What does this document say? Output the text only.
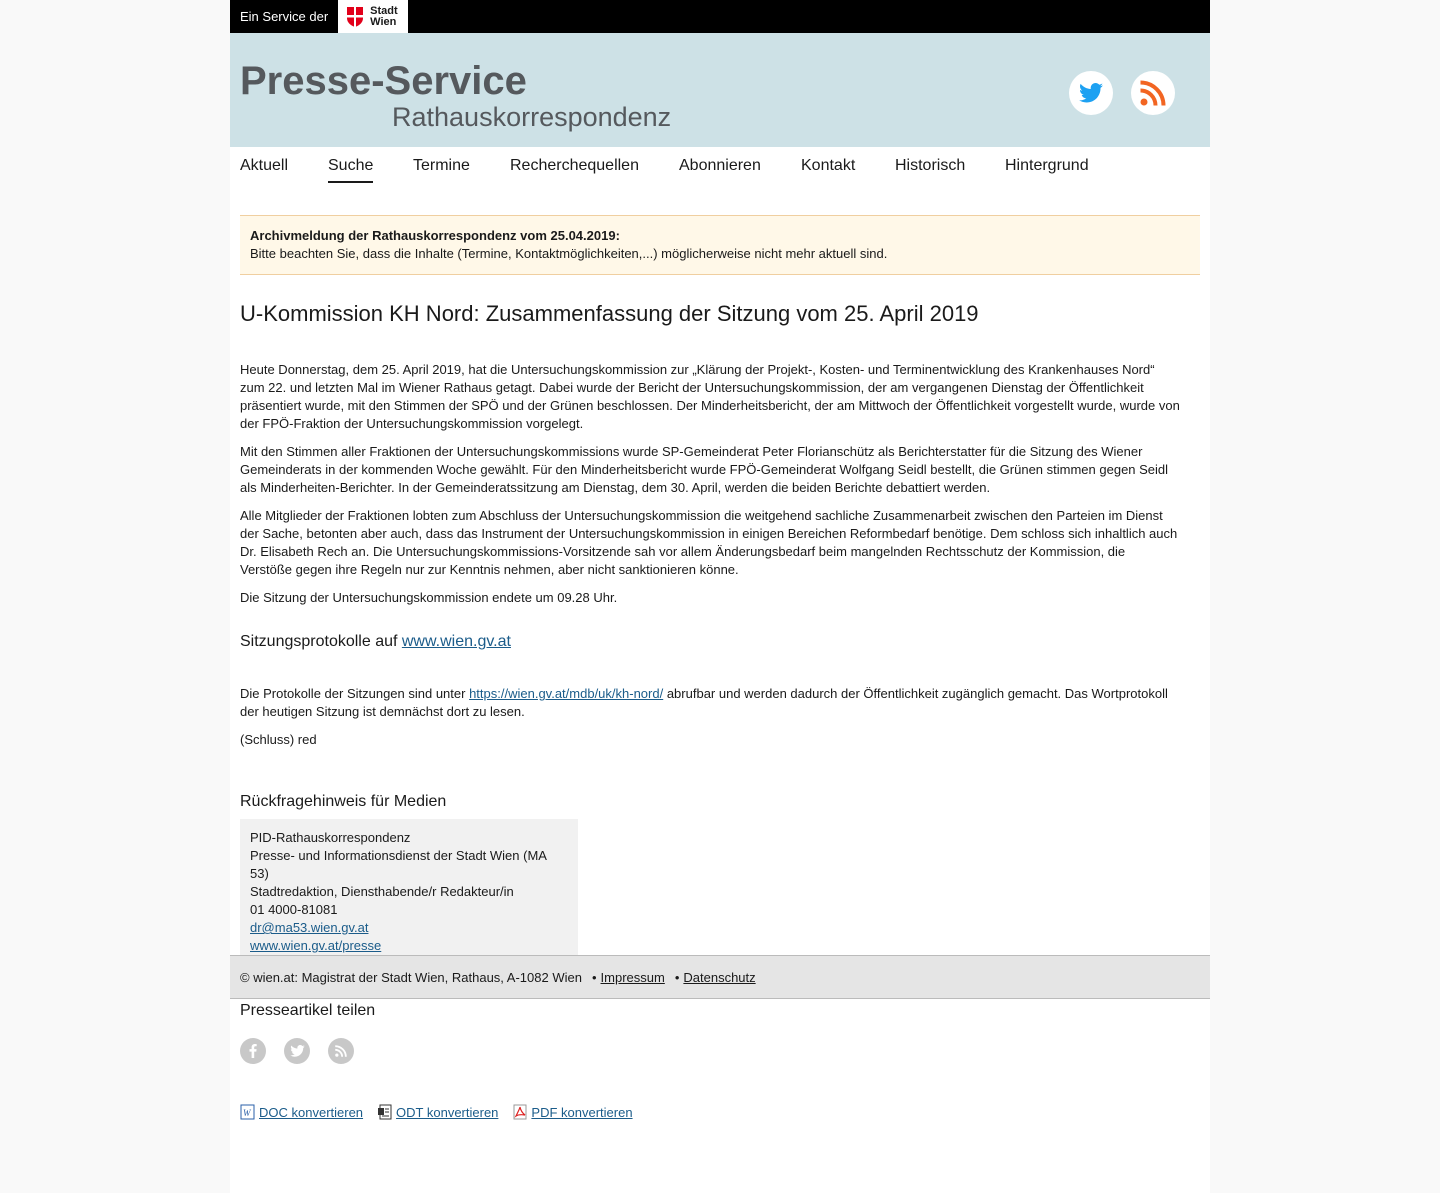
Ein Service der	Stadt
Wien
Presse-Service
Rathauskorrespondenz
Aktuell Suche Termine	Recherchequellen	Abonnieren	Kontakt Historisch Hintergrund
Archivmeldung der Rathauskorrespondenz vom 25.04.2019:
Bitte beachten Sie, dass die Inhalte (Termine, Kontaktmöglichkeiten,...) möglicherweise nicht mehr aktuell sind.
U-Kommission KH Nord: Zusammenfassung der Sitzung vom 25. April 2019

Heute Donnerstag, dem 25. April 2019, hat die Untersuchungskommission zur „Klärung der Projekt-, Kosten- und Terminentwicklung des Krankenhauses Nord“ zum 22. und letzten Mal im Wiener Rathaus getagt. Dabei wurde der Bericht der Untersuchungskommission, der am vergangenen Dienstag der Öffentlichkeit präsentiert wurde, mit den Stimmen der SPÖ und der Grünen beschlossen. Der Minderheitsbericht, der am Mittwoch der Öffentlichkeit vorgestellt wurde, wurde von der FPÖ-Fraktion der Untersuchungskommission vorgelegt.

Mit den Stimmen aller Fraktionen der Untersuchungskommissions wurde SP-Gemeinderat Peter Florianschütz als Berichterstatter für die Sitzung des Wiener Gemeinderats in der kommenden Woche gewählt. Für den Minderheitsbericht wurde FPÖ-Gemeinderat Wolfgang Seidl bestellt, die Grünen stimmen gegen Seidl als Minderheiten-Berichter. In der Gemeinderatssitzung am Dienstag, dem 30. April, werden die beiden Berichte debattiert werden.

Alle Mitglieder der Fraktionen lobten zum Abschluss der Untersuchungskommission die weitgehend sachliche Zusammenarbeit zwischen den Parteien im Dienst der Sache, betonten aber auch, dass das Instrument der Untersuchungskommission in einigen Bereichen Reformbedarf benötige. Dem schloss sich inhaltlich auch Dr. Elisabeth Rech an. Die Untersuchungskommissions-Vorsitzende sah vor allem Änderungsbedarf beim mangelnden Rechtsschutz der Kommission, die Verstöße gegen ihre Regeln nur zur Kenntnis nehmen, aber nicht sanktionieren könne.

Die Sitzung der Untersuchungskommission endete um 09.28 Uhr.

Sitzungsprotokolle auf www.wien.gv.at

Die Protokolle der Sitzungen sind unter https://wien.gv.at/mdb/uk/kh-nord/ abrufbar und werden dadurch der Öffentlichkeit zugänglich gemacht. Das Wortprotokoll der heutigen Sitzung ist demnächst dort zu lesen.

(Schluss) red

Rückfragehinweis für Medien
PID-Rathauskorrespondenz
Presse- und Informationsdienst der Stadt Wien (MA 53)
Stadtredaktion, Diensthabende/r Redakteur/in
01 4000-81081
dr@ma53.wien.gv.at
www.wien.gv.at/presse
Presseartikel teilen
W DOC konvertieren	ODT konvertieren	PDF konvertieren
© wien.at: Magistrat der Stadt Wien, Rathaus, A-1082 Wien • Impressum • Datenschutz
